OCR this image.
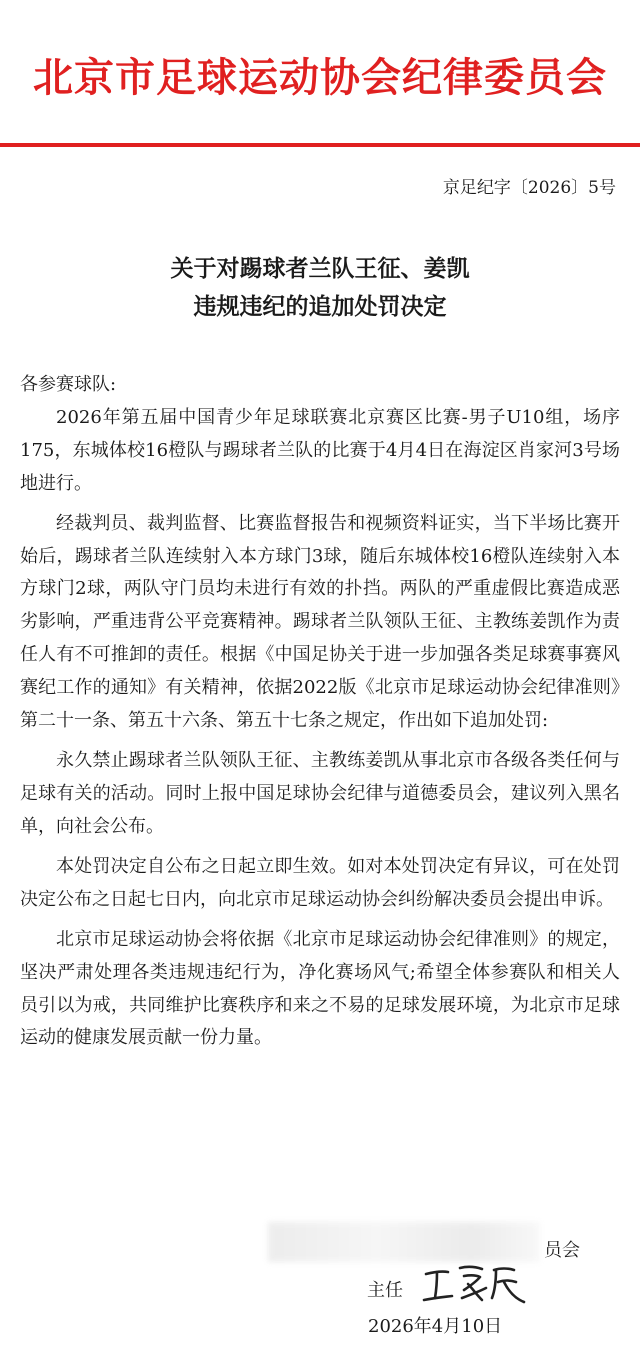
北京市足球运动协会纪律委员会
京足纪字〔2026〕5号
关于对踢球者兰队王征、姜凯
违规违纪的追加处罚决定
各参赛球队:

2026年第五届中国青少年足球联赛北京赛区比赛-男子U10组，场序175，东城体校16橙队与踢球者兰队的比赛于4月4日在海淀区肖家河3号场地进行。

经裁判员、裁判监督、比赛监督报告和视频资料证实，当下半场比赛开始后，踢球者兰队连续射入本方球门3球，随后东城体校16橙队连续射入本方球门2球，两队守门员均未进行有效的扑挡。两队的严重虚假比赛造成恶劣影响，严重违背公平竞赛精神。踢球者兰队领队王征、主教练姜凯作为责任人有不可推卸的责任。根据《中国足协关于进一步加强各类足球赛事赛风赛纪工作的通知》有关精神，依据2022版《北京市足球运动协会纪律准则》第二十一条、第五十六条、第五十七条之规定，作出如下追加处罚:

永久禁止踢球者兰队领队王征、主教练姜凯从事北京市各级各类任何与足球有关的活动。同时上报中国足球协会纪律与道德委员会，建议列入黑名单，向社会公布。

本处罚决定自公布之日起立即生效。如对本处罚决定有异议，可在处罚决定公布之日起七日内，向北京市足球运动协会纠纷解决委员会提出申诉。

北京市足球运动协会将依据《北京市足球运动协会纪律准则》的规定，坚决严肃处理各类违规违纪行为，净化赛场风气;希望全体参赛队和相关人员引以为戒，共同维护比赛秩序和来之不易的足球发展环境，为北京市足球运动的健康发展贡献一份力量。

员会
主任
2026年4月10日
